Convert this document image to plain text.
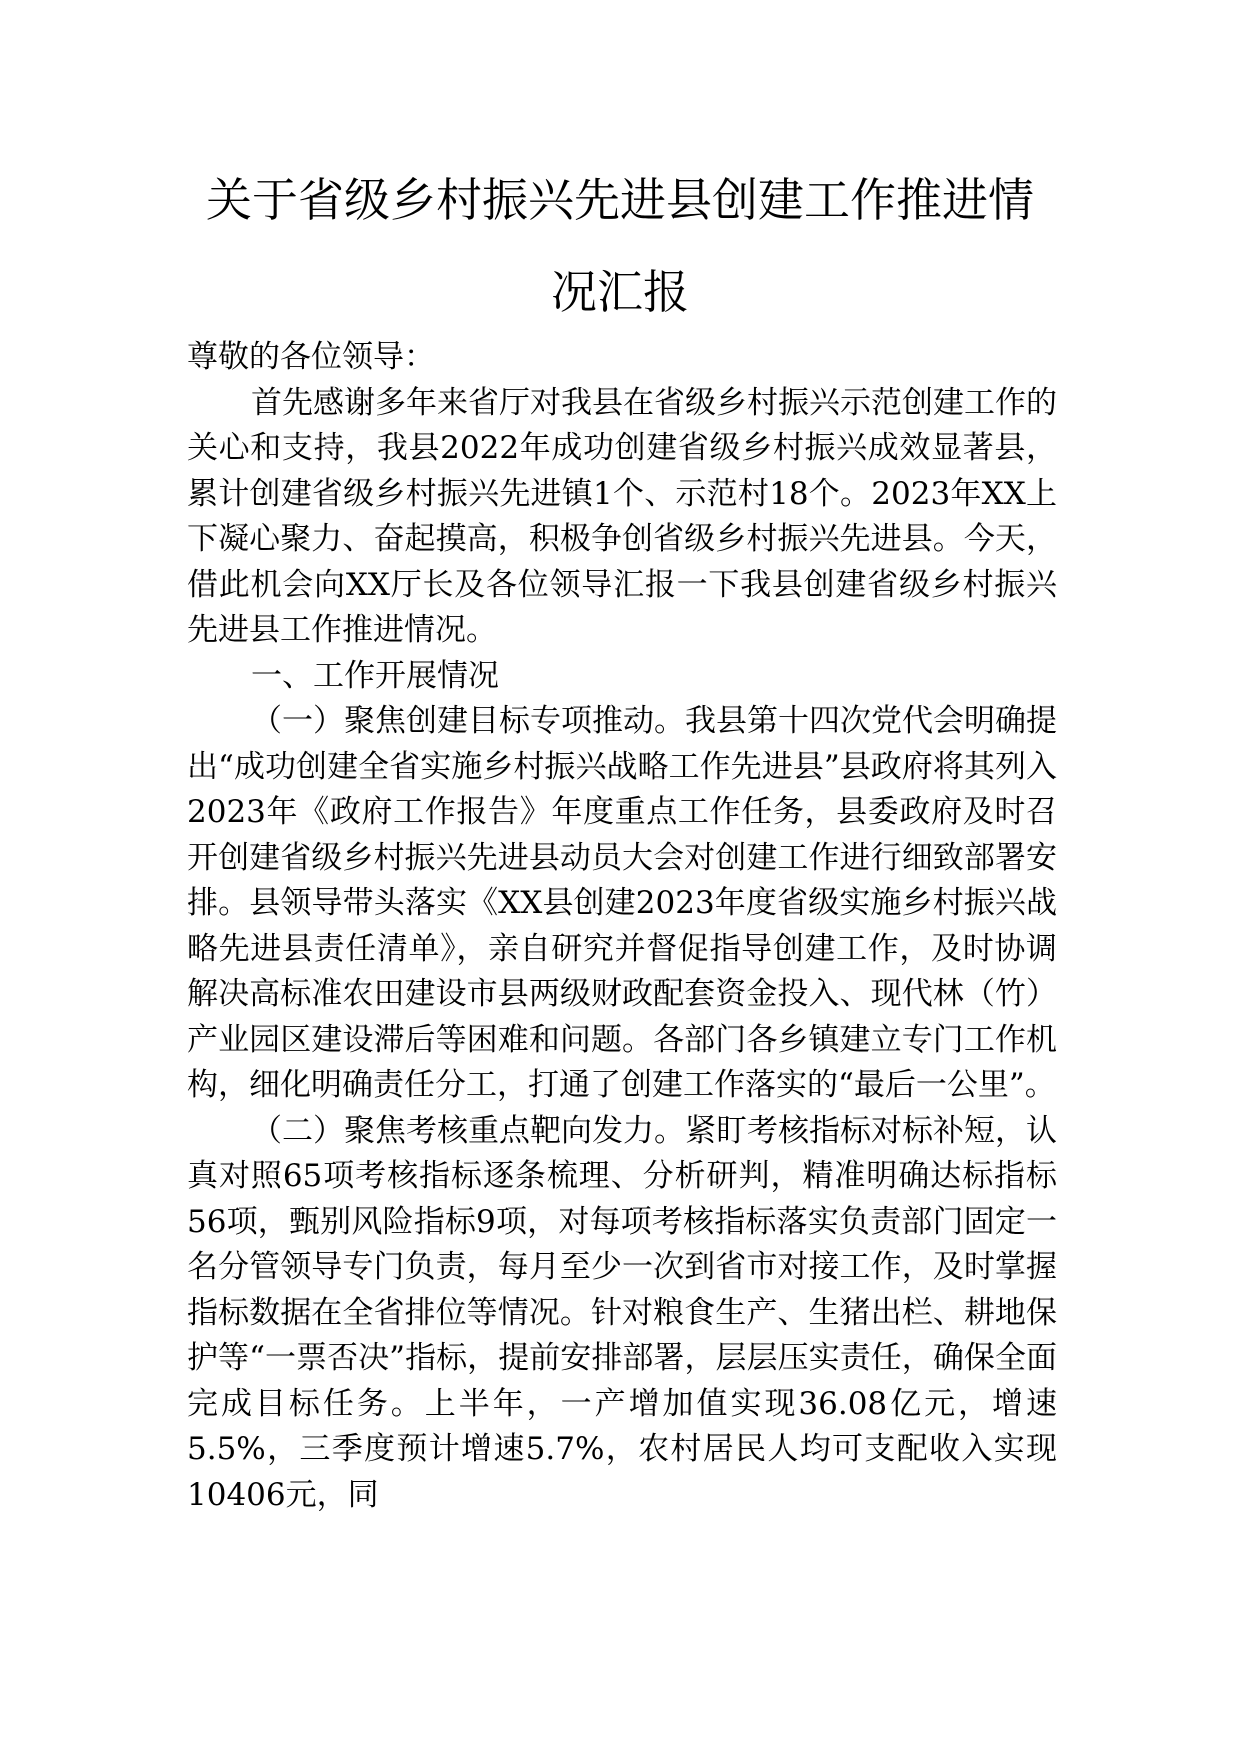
关于省级乡村振兴先进县创建工作推进情
况汇报

尊敬的各位领导：

首先感谢多年来省厅对我县在省级乡村振兴示范创建工作的关心和支持，我县2022年成功创建省级乡村振兴成效显著县，累计创建省级乡村振兴先进镇1个、示范村18个。2023年XX上下凝心聚力、奋起摸高，积极争创省级乡村振兴先进县。今天，借此机会向XX厅长及各位领导汇报一下我县创建省级乡村振兴先进县工作推进情况。

一、工作开展情况

（一）聚焦创建目标专项推动。我县第十四次党代会明确提出“成功创建全省实施乡村振兴战略工作先进县”县政府将其列入2023年《政府工作报告》年度重点工作任务，县委政府及时召开创建省级乡村振兴先进县动员大会对创建工作进行细致部署安排。县领导带头落实《XX县创建2023年度省级实施乡村振兴战略先进县责任清单》，亲自研究并督促指导创建工作，及时协调解决高标准农田建设市县两级财政配套资金投入、现代林（竹）产业园区建设滞后等困难和问题。各部门各乡镇建立专门工作机构，细化明确责任分工，打通了创建工作落实的“最后一公里”。

（二）聚焦考核重点靶向发力。紧盯考核指标对标补短，认真对照65项考核指标逐条梳理、分析研判，精准明确达标指标56项，甄别风险指标9项，对每项考核指标落实负责部门固定一名分管领导专门负责，每月至少一次到省市对接工作，及时掌握指标数据在全省排位等情况。针对粮食生产、生猪出栏、耕地保护等“一票否决”指标，提前安排部署，层层压实责任，确保全面完成目标任务。上半年，一产增加值实现36.08亿元，增速5.5%，三季度预计增速5.7%，农村居民人均可支配收入实现10406元，同
